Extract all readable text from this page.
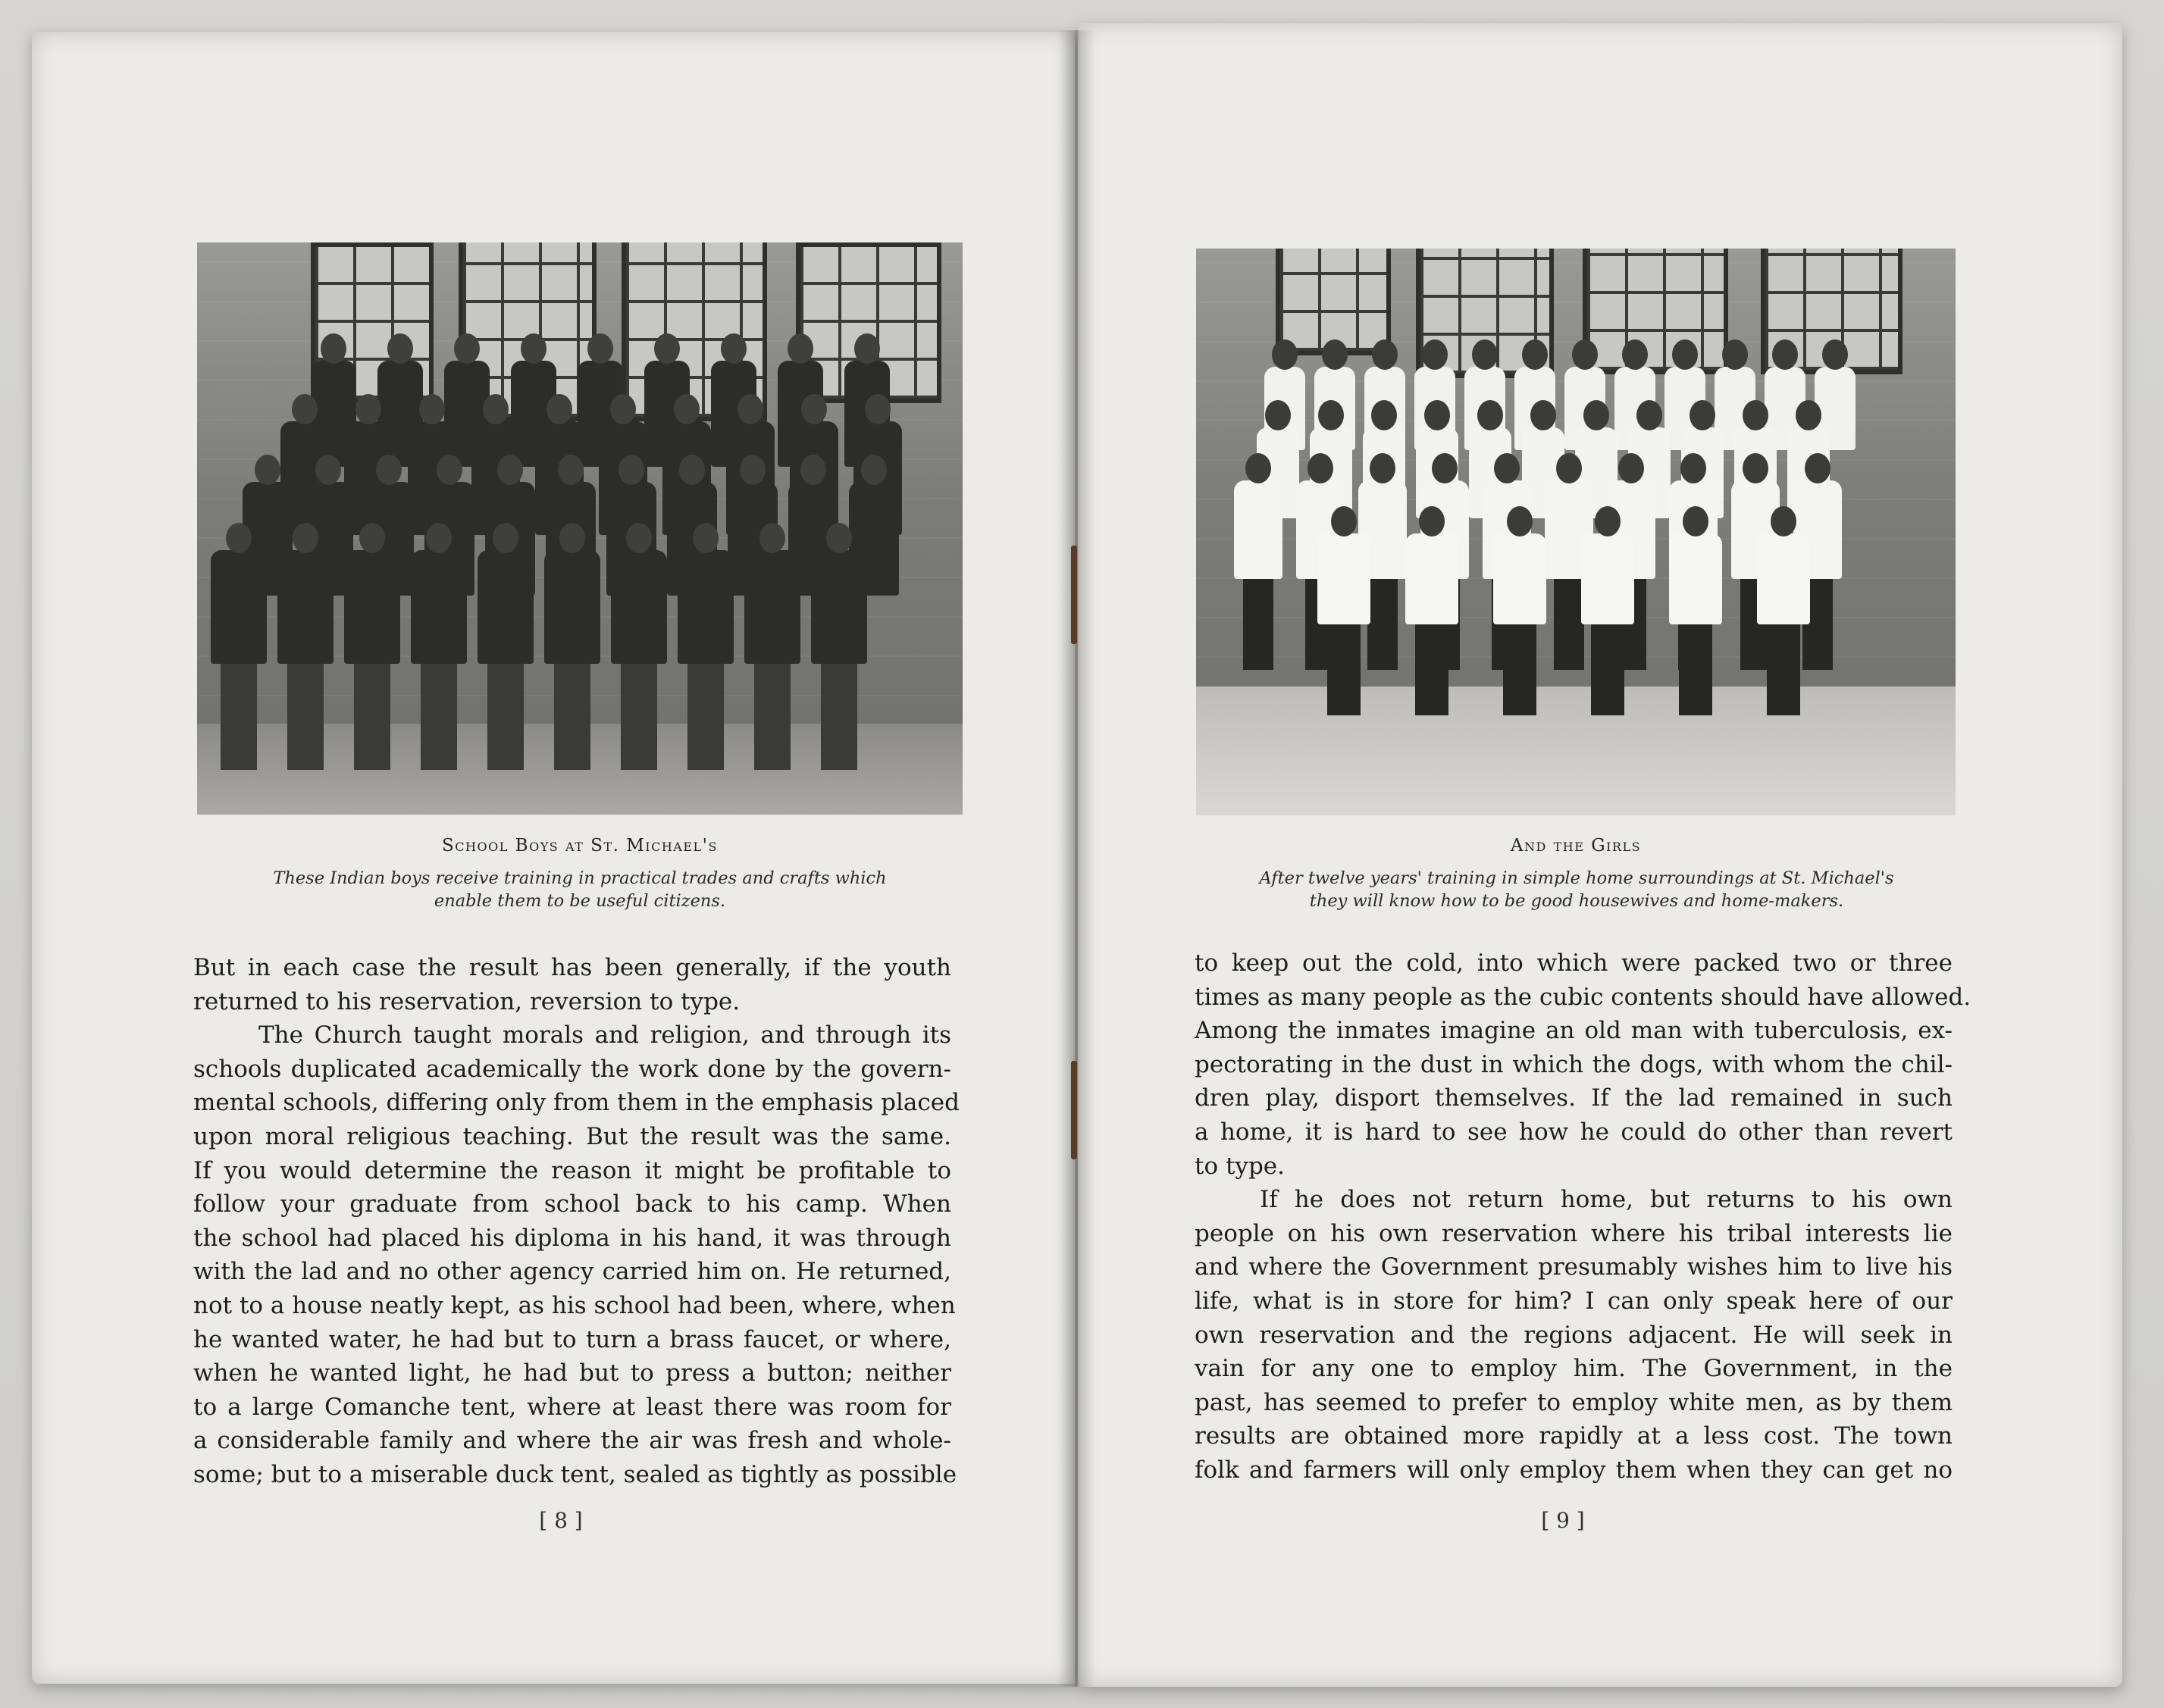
School Boys at St. Michael's
These Indian boys receive training in practical trades and crafts which
enable them to be useful citizens.
And the Girls
After twelve years' training in simple home surroundings at St. Michael's
they will know how to be good housewives and home-makers.
But in each case the result has been generally, if the youth
returned to his reservation, reversion to type.
The Church taught morals and religion, and through its
schools duplicated academically the work done by the govern-
mental schools, differing only from them in the emphasis placed
upon moral religious teaching. But the result was the same.
If you would determine the reason it might be profitable to
follow your graduate from school back to his camp. When
the school had placed his diploma in his hand, it was through
with the lad and no other agency carried him on. He returned,
not to a house neatly kept, as his school had been, where, when
he wanted water, he had but to turn a brass faucet, or where,
when he wanted light, he had but to press a button; neither
to a large Comanche tent, where at least there was room for
a considerable family and where the air was fresh and whole-
some; but to a miserable duck tent, sealed as tightly as possible
to keep out the cold, into which were packed two or three
times as many people as the cubic contents should have allowed.
Among the inmates imagine an old man with tuberculosis, ex-
pectorating in the dust in which the dogs, with whom the chil-
dren play, disport themselves. If the lad remained in such
a home, it is hard to see how he could do other than revert
to type.
If he does not return home, but returns to his own
people on his own reservation where his tribal interests lie
and where the Government presumably wishes him to live his
life, what is in store for him? I can only speak here of our
own reservation and the regions adjacent. He will seek in
vain for any one to employ him. The Government, in the
past, has seemed to prefer to employ white men, as by them
results are obtained more rapidly at a less cost. The town
folk and farmers will only employ them when they can get no
[ 8 ]	[ 9 ]
